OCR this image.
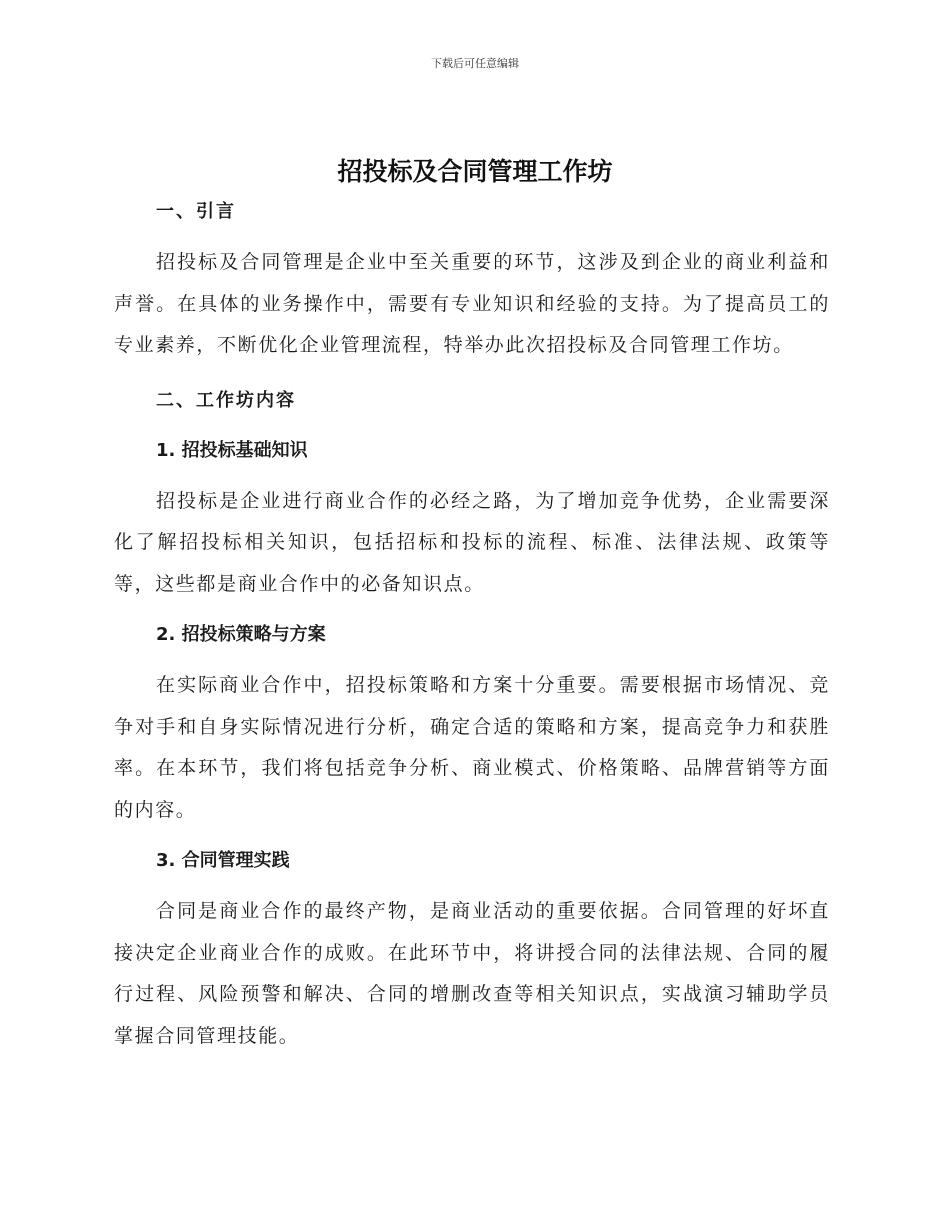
下载后可任意编辑
招投标及合同管理工作坊
一、引言

招投标及合同管理是企业中至关重要的环节，这涉及到企业的商业利益和声誉。在具体的业务操作中，需要有专业知识和经验的支持。为了提高员工的专业素养，不断优化企业管理流程，特举办此次招投标及合同管理工作坊。

二、工作坊内容
1. 招投标基础知识

招投标是企业进行商业合作的必经之路，为了增加竞争优势，企业需要深化了解招投标相关知识，包括招标和投标的流程、标准、法律法规、政策等等，这些都是商业合作中的必备知识点。

2. 招投标策略与方案

在实际商业合作中，招投标策略和方案十分重要。需要根据市场情况、竞争对手和自身实际情况进行分析，确定合适的策略和方案，提高竞争力和获胜率。在本环节，我们将包括竞争分析、商业模式、价格策略、品牌营销等方面的内容。

3. 合同管理实践

合同是商业合作的最终产物，是商业活动的重要依据。合同管理的好坏直接决定企业商业合作的成败。在此环节中，将讲授合同的法律法规、合同的履行过程、风险预警和解决、合同的增删改查等相关知识点，实战演习辅助学员掌握合同管理技能。
